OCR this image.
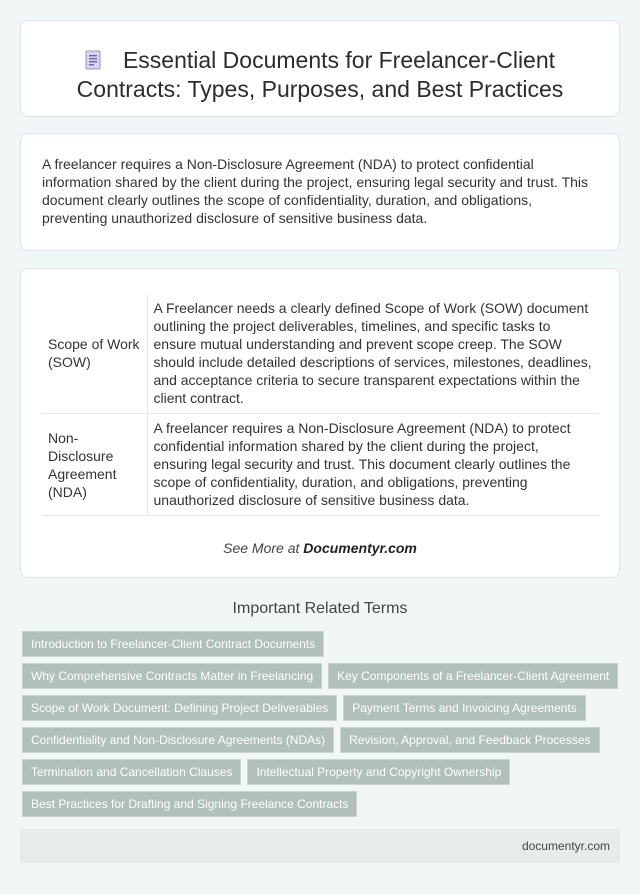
Essential Documents for Freelancer-Client
Contracts: Types, Purposes, and Best Practices

A freelancer requires a Non-Disclosure Agreement (NDA) to protect confidential information shared by the client during the project, ensuring legal security and trust. This document clearly outlines the scope of confidentiality, duration, and obligations, preventing unauthorized disclosure of sensitive business data.

Scope of Work (SOW)	A Freelancer needs a clearly defined Scope of Work (SOW) document outlining the project deliverables, timelines, and specific tasks to ensure mutual understanding and prevent scope creep. The SOW should include detailed descriptions of services, milestones, deadlines, and acceptance criteria to secure transparent expectations within the client contract.
Non-Disclosure Agreement (NDA)	A freelancer requires a Non-Disclosure Agreement (NDA) to protect confidential information shared by the client during the project, ensuring legal security and trust. This document clearly outlines the scope of confidentiality, duration, and obligations, preventing unauthorized disclosure of sensitive business data.
See More at Documentyr.com
Important Related Terms
Introduction to Freelancer-Client Contract Documents
Why Comprehensive Contracts Matter in Freelancing Key Components of a Freelancer-Client Agreement
Scope of Work Document: Defining Project Deliverables Payment Terms and Invoicing Agreements
Confidentiality and Non-Disclosure Agreements (NDAs) Revision, Approval, and Feedback Processes
Termination and Cancellation Clauses Intellectual Property and Copyright Ownership
Best Practices for Drafting and Signing Freelance Contracts
documentyr.com
